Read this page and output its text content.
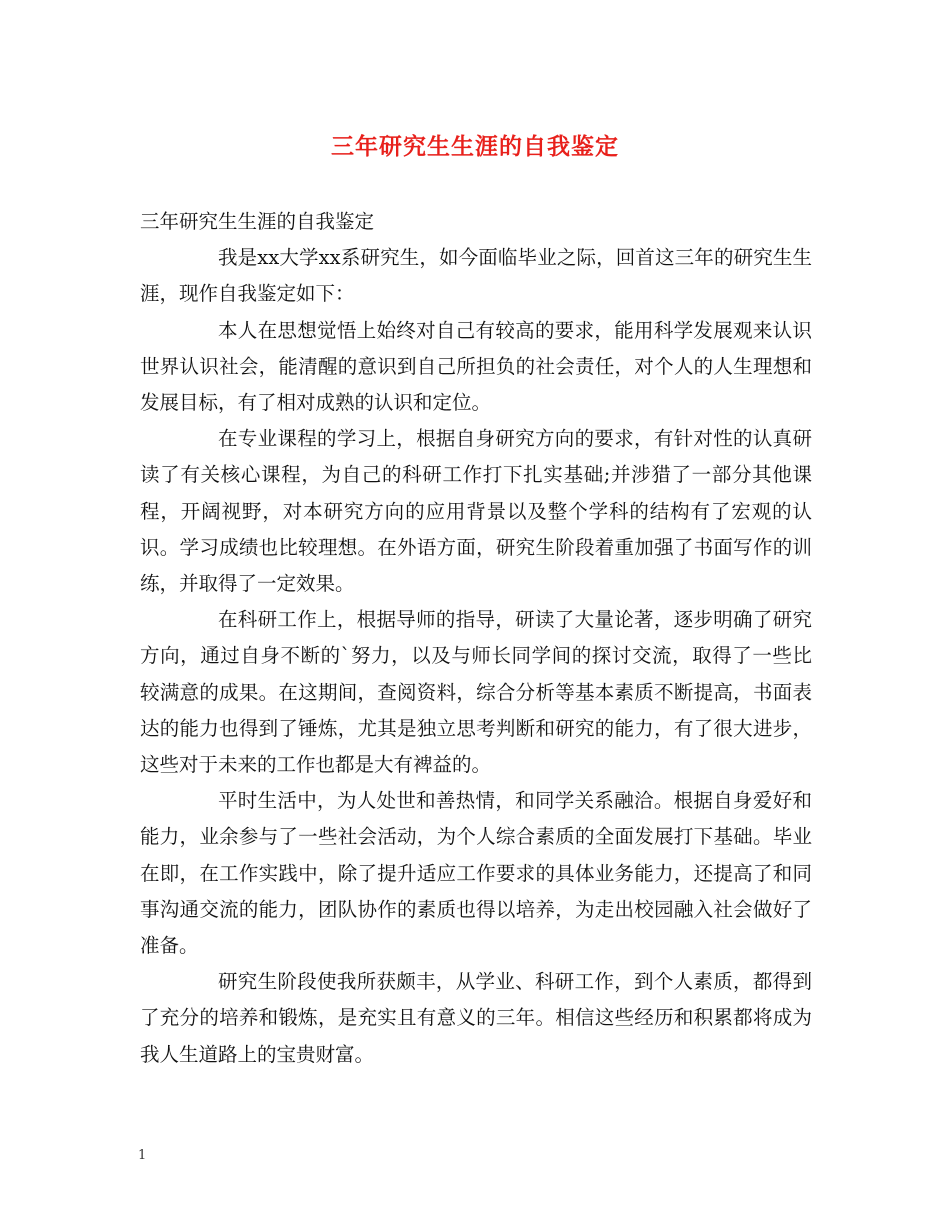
三年研究生生涯的自我鉴定

三年研究生生涯的自我鉴定

我是xx大学xx系研究生，如今面临毕业之际，回首这三年的研究生生涯，现作自我鉴定如下：

本人在思想觉悟上始终对自己有较高的要求，能用科学发展观来认识世界认识社会，能清醒的意识到自己所担负的社会责任，对个人的人生理想和发展目标，有了相对成熟的认识和定位。

在专业课程的学习上，根据自身研究方向的要求，有针对性的认真研读了有关核心课程，为自己的科研工作打下扎实基础;并涉猎了一部分其他课程，开阔视野，对本研究方向的应用背景以及整个学科的结构有了宏观的认识。学习成绩也比较理想。在外语方面，研究生阶段着重加强了书面写作的训练，并取得了一定效果。

在科研工作上，根据导师的指导，研读了大量论著，逐步明确了研究方向，通过自身不断的`努力，以及与师长同学间的探讨交流，取得了一些比较满意的成果。在这期间，查阅资料，综合分析等基本素质不断提高，书面表达的能力也得到了锤炼，尤其是独立思考判断和研究的能力，有了很大进步，这些对于未来的工作也都是大有裨益的。

平时生活中，为人处世和善热情，和同学关系融洽。根据自身爱好和能力，业余参与了一些社会活动，为个人综合素质的全面发展打下基础。毕业在即，在工作实践中，除了提升适应工作要求的具体业务能力，还提高了和同事沟通交流的能力，团队协作的素质也得以培养，为走出校园融入社会做好了准备。

研究生阶段使我所获颇丰，从学业、科研工作，到个人素质，都得到了充分的培养和锻炼，是充实且有意义的三年。相信这些经历和积累都将成为我人生道路上的宝贵财富。

1
